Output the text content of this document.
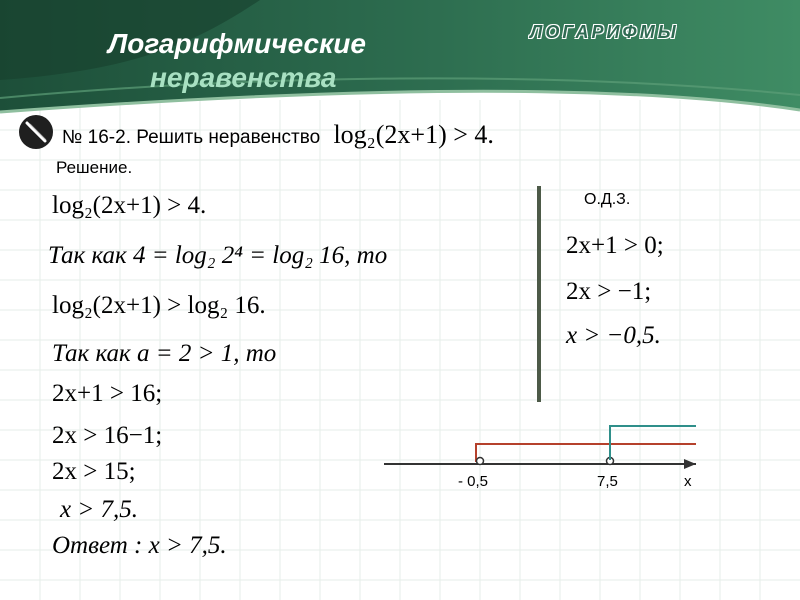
Логарифмические
неравенства
ЛОГАРИФМЫ
№ 16-2. Решить неравенство log₂(2x+1) > 4.
Решение.
О.Д.З.
log₂(2x+1) > 4.
Так как 4 = log₂ 2⁴ = log₂ 16, то
log₂(2x+1) > log₂ 16.
Так как a = 2 > 1, то
2x+1 > 16;
2x > 16−1;
2x > 15;
x > 7,5.
Ответ : x > 7,5.
2x+1 > 0;
2x > −1;
x > −0,5.
- 0,5	7,5	x
